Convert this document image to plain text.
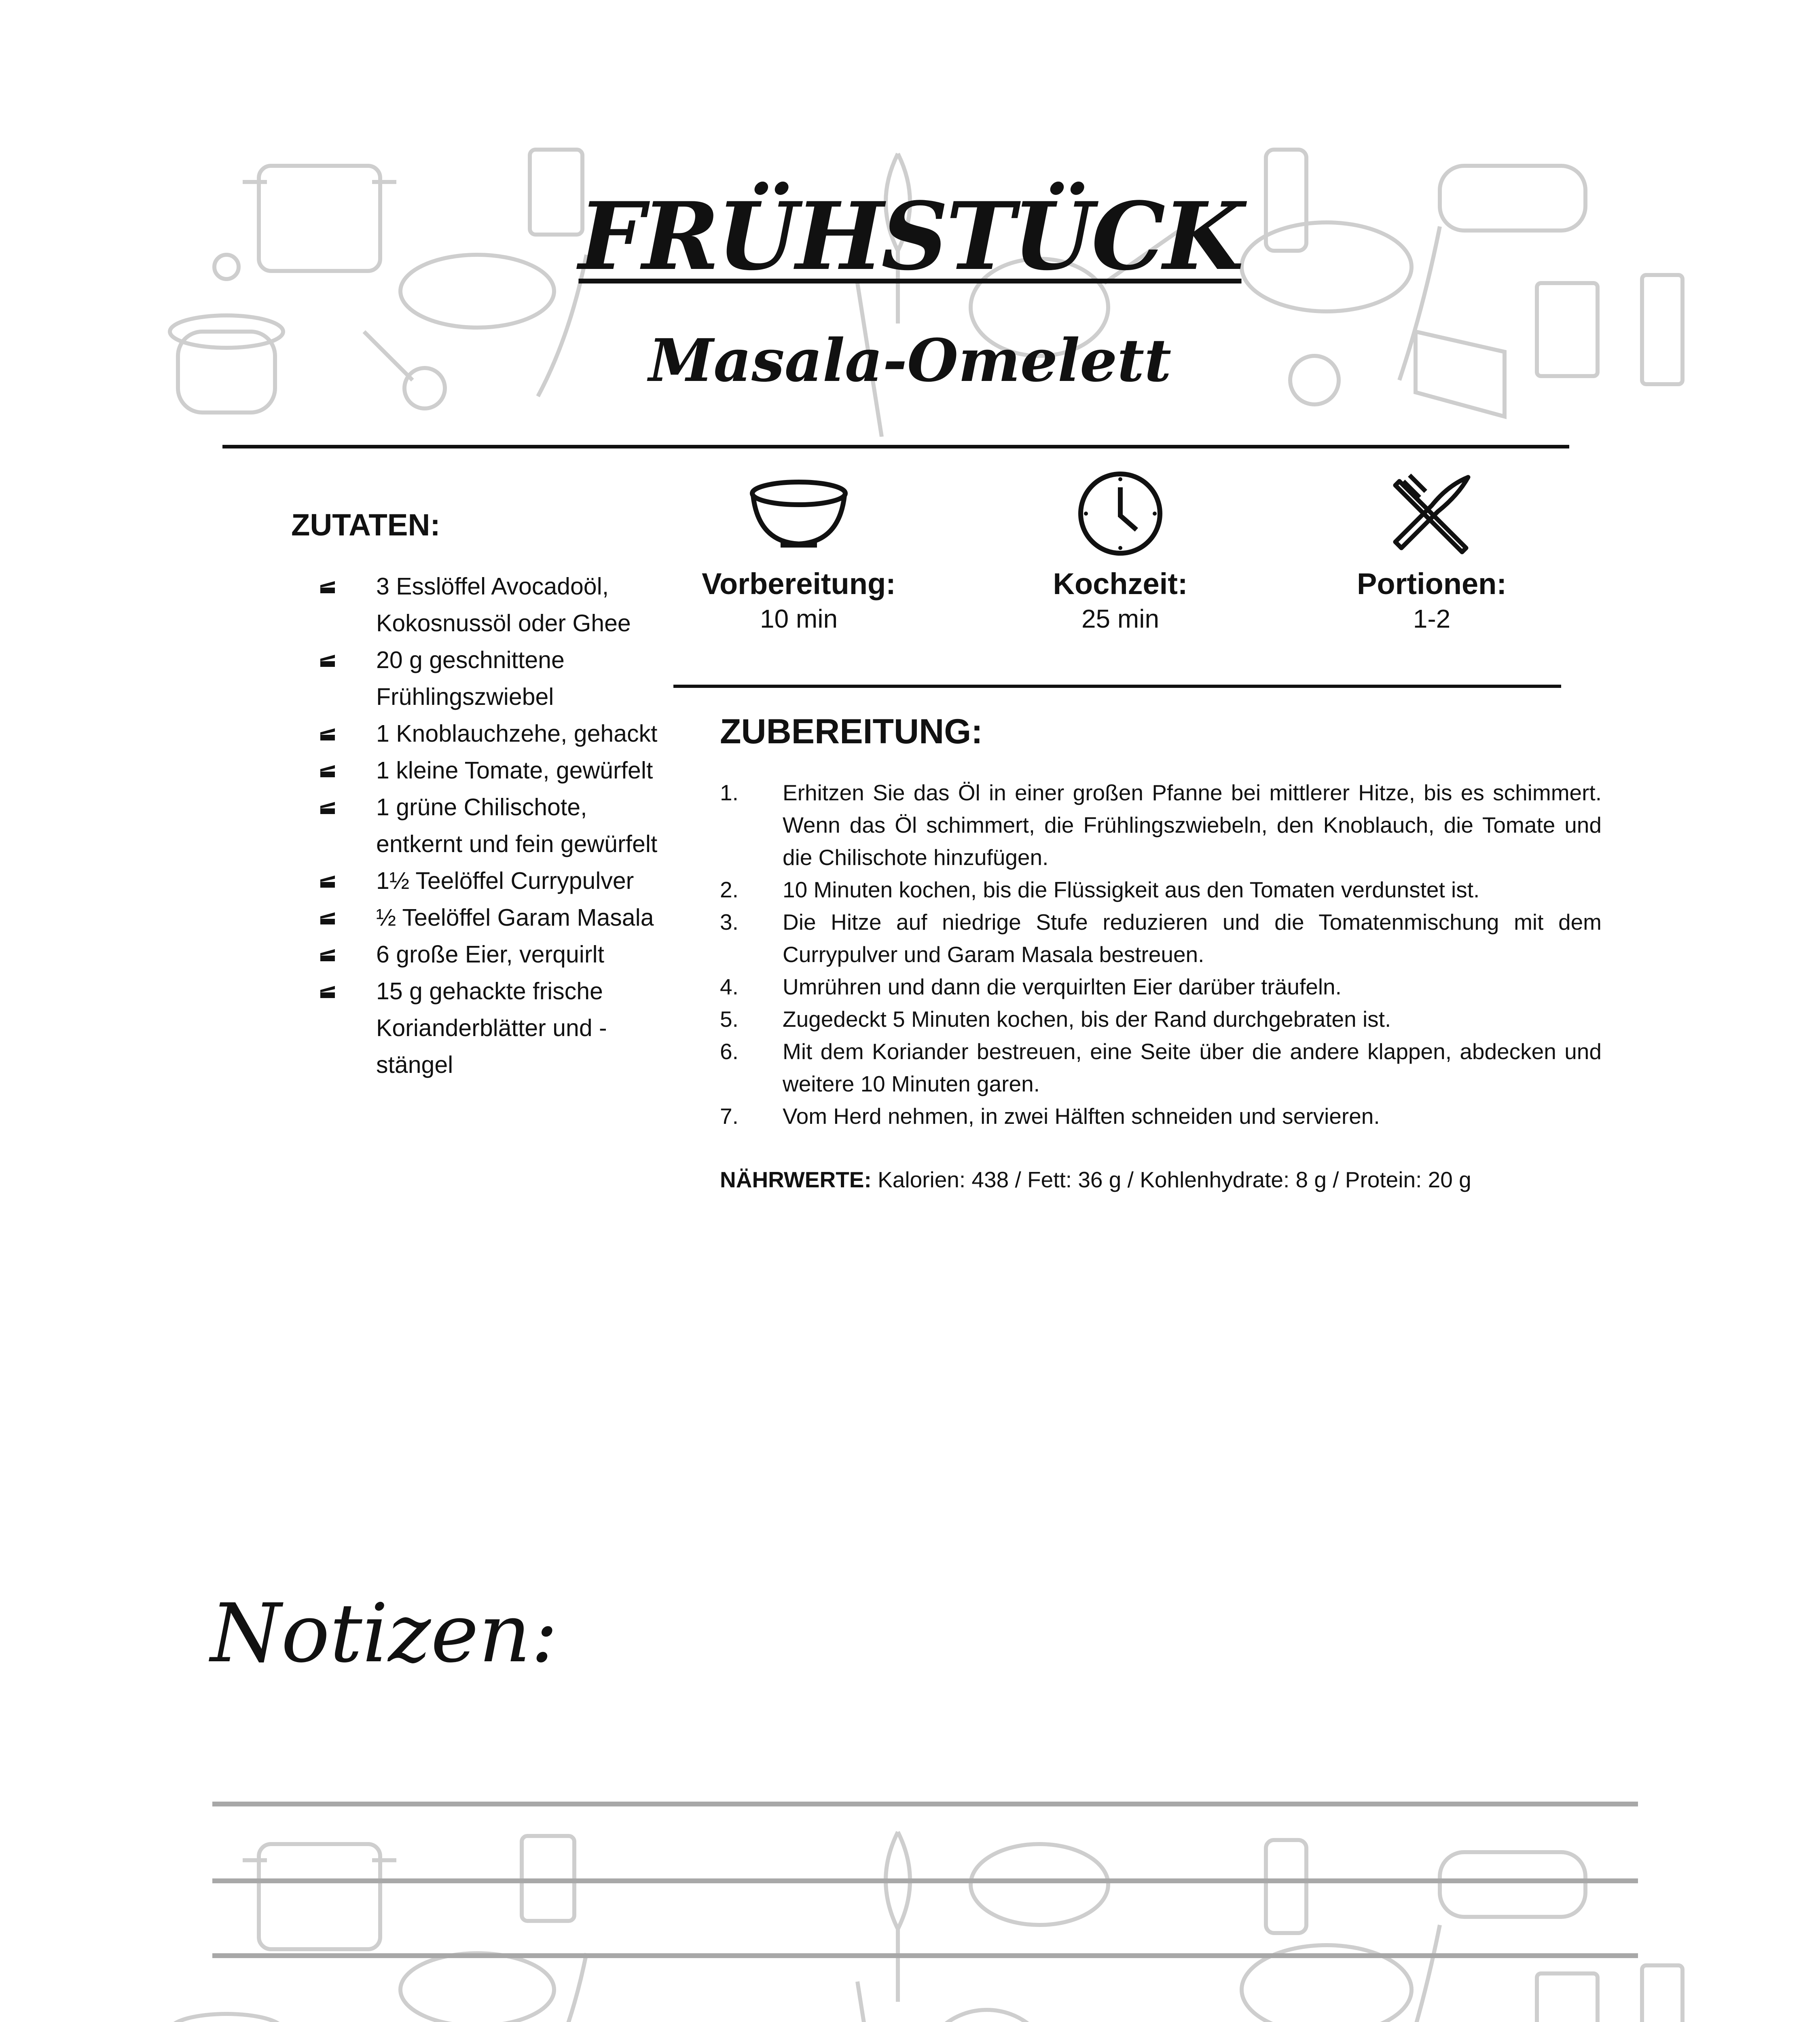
FRÜHSTÜCK
Masala-Omelett
ZUTATEN:
3 Esslöffel Avocadoöl, Kokosnussöl oder Ghee
20 g geschnittene Frühlingszwiebel
1 Knoblauchzehe, gehackt
1 kleine Tomate, gewürfelt
1 grüne Chilischote, entkernt und fein gewürfelt
1½ Teelöffel Currypulver
½ Teelöffel Garam Masala
6 große Eier, verquirlt
15 g gehackte frische Korianderblätter und -stängel
Vorbereitung:
10 min
Kochzeit:
25 min
Portionen:
1-2
ZUBEREITUNG:
1. Erhitzen Sie das Öl in einer großen Pfanne bei mittlerer Hitze, bis es schimmert. Wenn das Öl schimmert, die Frühlingszwiebeln, den Knoblauch, die Tomate und die Chilischote hinzufügen.
2. 10 Minuten kochen, bis die Flüssigkeit aus den Tomaten verdunstet ist.
3. Die Hitze auf niedrige Stufe reduzieren und die Tomatenmischung mit dem Currypulver und Garam Masala bestreuen.
4. Umrühren und dann die verquirlten Eier darüber träufeln.
5. Zugedeckt 5 Minuten kochen, bis der Rand durchgebraten ist.
6. Mit dem Koriander bestreuen, eine Seite über die andere klappen, abdecken und weitere 10 Minuten garen.
7. Vom Herd nehmen, in zwei Hälften schneiden und servieren.
NÄHRWERTE: Kalorien: 438 / Fett: 36 g / Kohlenhydrate: 8 g / Protein: 20 g
Notizen:
